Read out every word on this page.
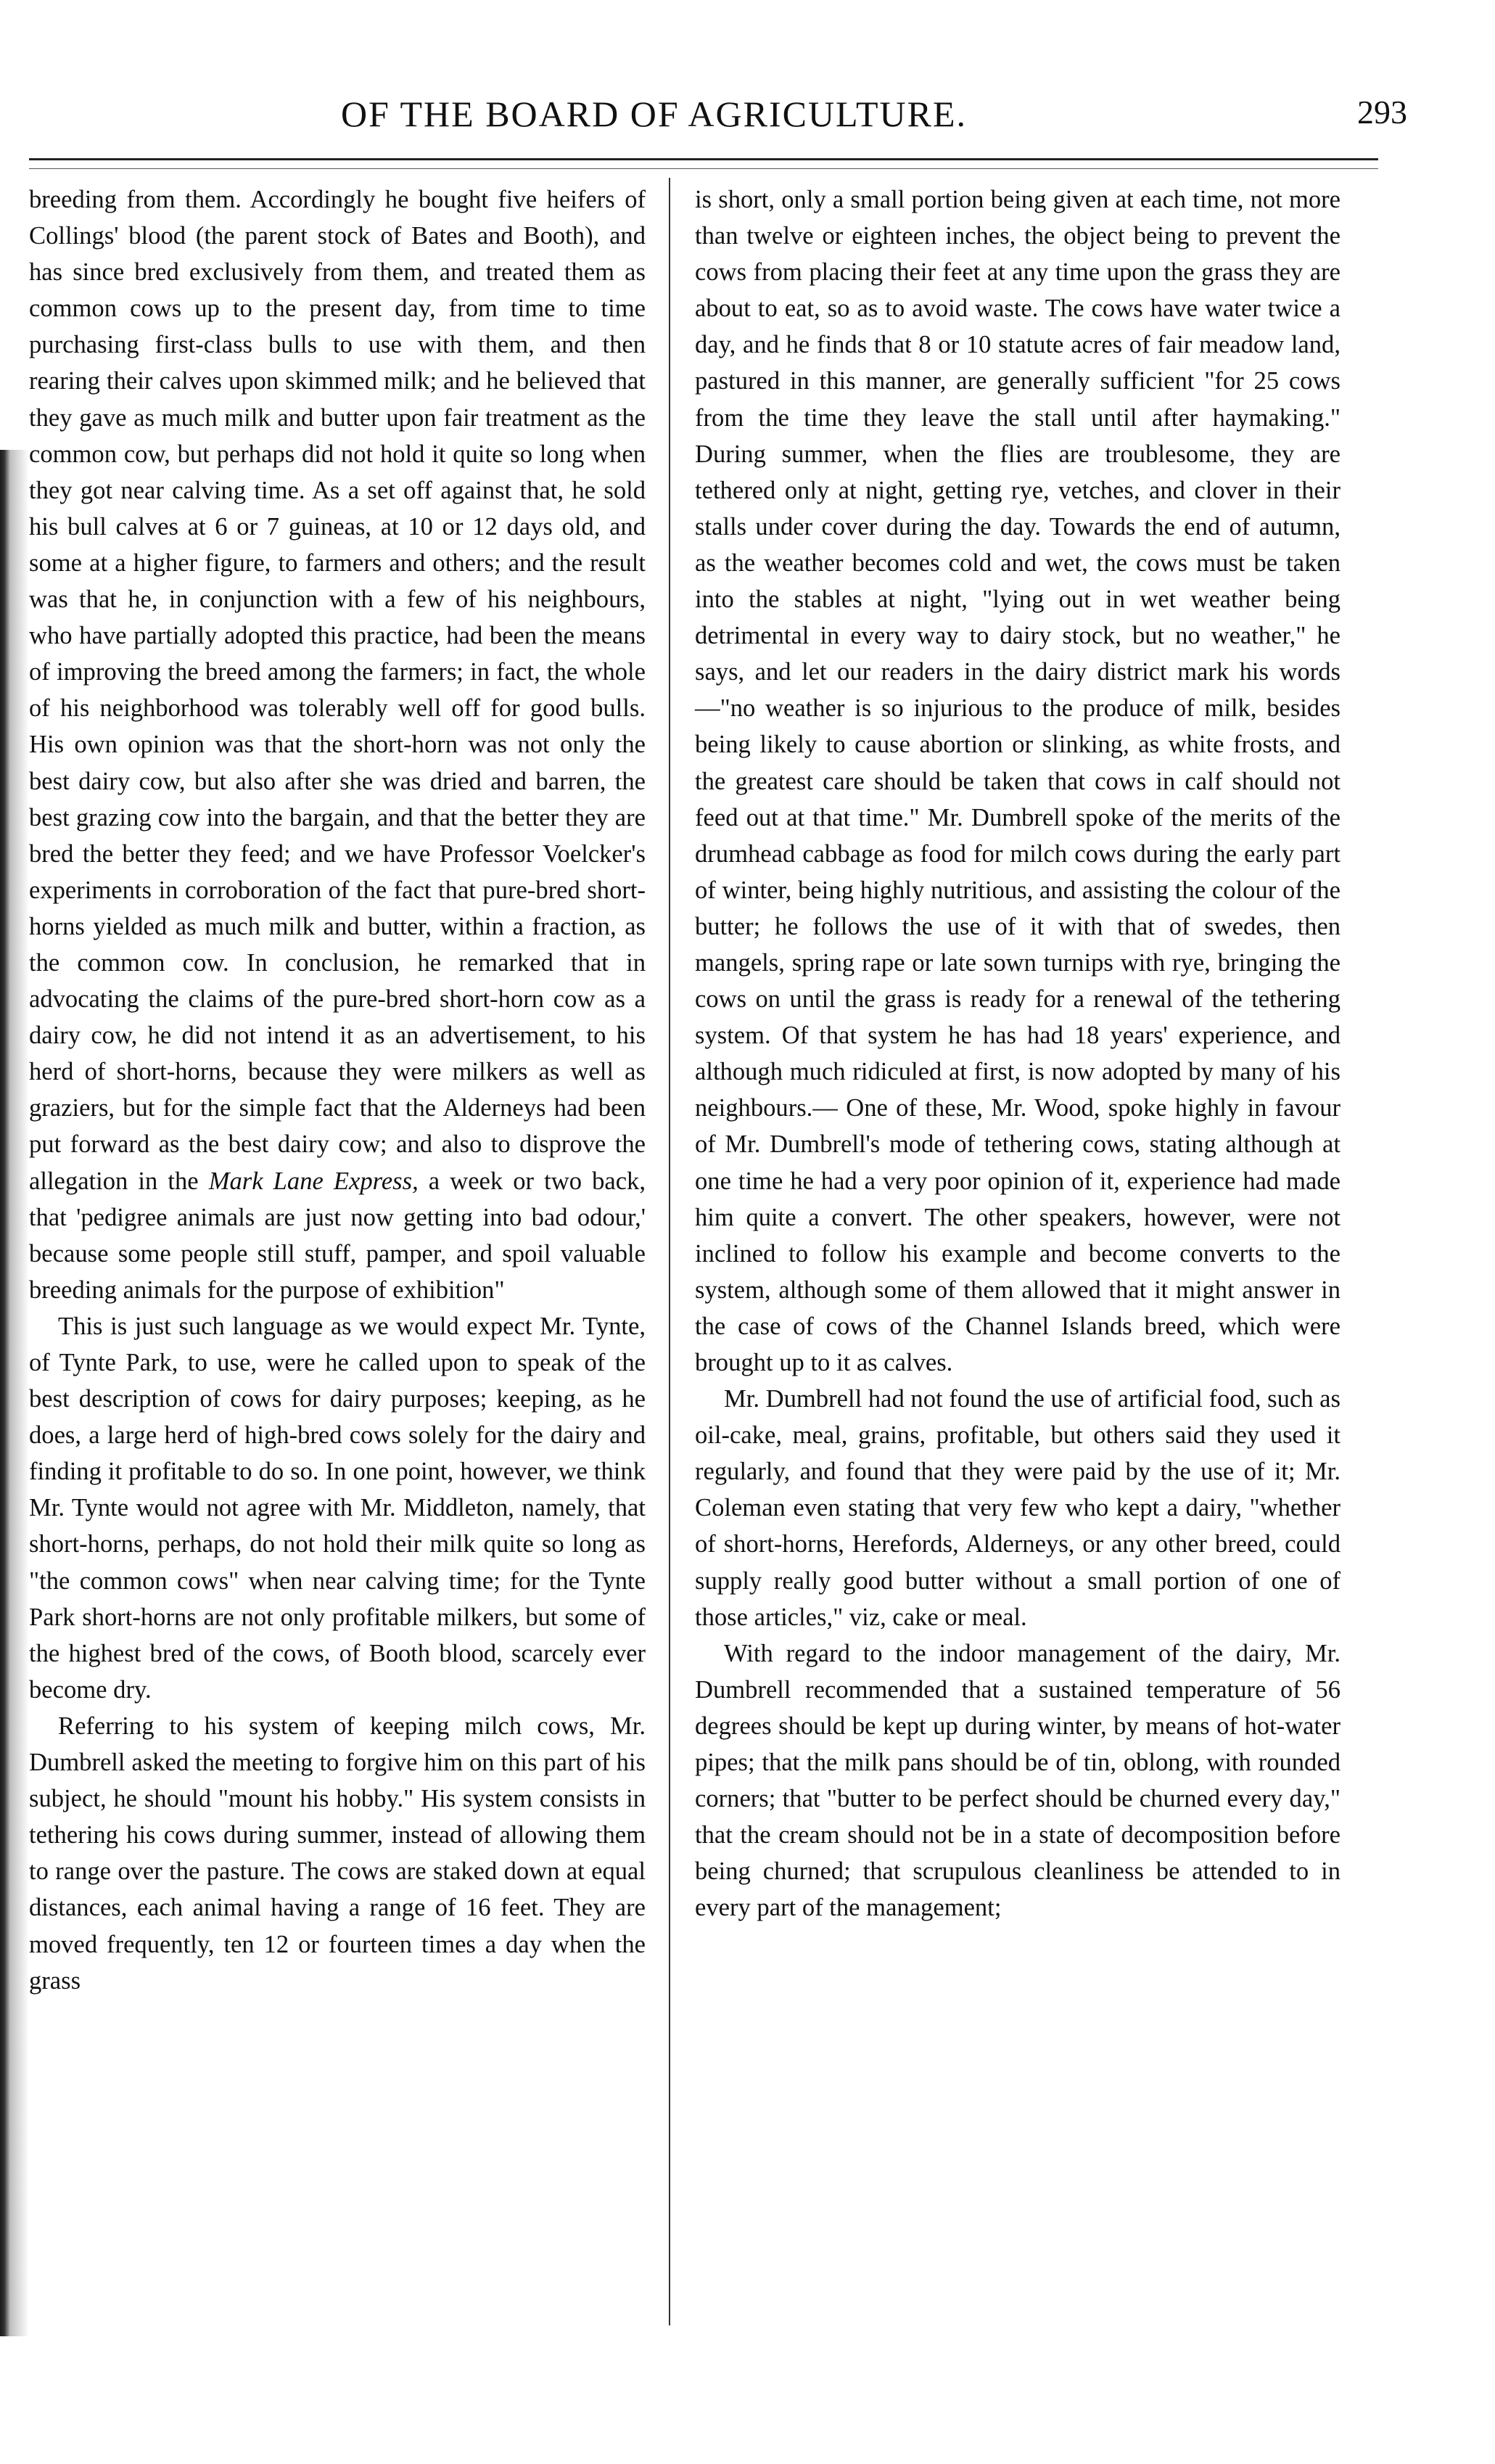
OF THE BOARD OF AGRICULTURE.	293

breeding from them. Accordingly he bought five heifers of Collings' blood (the parent stock of Bates and Booth), and has since bred exclusively from them, and treated them as common cows up to the present day, from time to time purchasing first-class bulls to use with them, and then rearing their calves upon skimmed milk; and he believed that they gave as much milk and butter upon fair treatment as the common cow, but perhaps did not hold it quite so long when they got near calving time. As a set off against that, he sold his bull calves at 6 or 7 guineas, at 10 or 12 days old, and some at a higher figure, to farmers and others; and the result was that he, in conjunction with a few of his neighbours, who have partially adopted this practice, had been the means of improving the breed among the farmers; in fact, the whole of his neighborhood was tolerably well off for good bulls. His own opinion was that the short-horn was not only the best dairy cow, but also after she was dried and barren, the best grazing cow into the bargain, and that the better they are bred the better they feed; and we have Professor Voelcker's experiments in corroboration of the fact that pure-bred short-horns yielded as much milk and butter, within a fraction, as the common cow. In conclusion, he remarked that in advocating the claims of the pure-bred short-horn cow as a dairy cow, he did not intend it as an advertisement, to his herd of short-horns, because they were milkers as well as graziers, but for the simple fact that the Alderneys had been put forward as the best dairy cow; and also to disprove the allegation in the Mark Lane Express, a week or two back, that 'pedigree animals are just now getting into bad odour,' because some people still stuff, pamper, and spoil valuable breeding animals for the purpose of exhibition"

This is just such language as we would expect Mr. Tynte, of Tynte Park, to use, were he called upon to speak of the best description of cows for dairy purposes; keeping, as he does, a large herd of high-bred cows solely for the dairy and finding it profitable to do so. In one point, however, we think Mr. Tynte would not agree with Mr. Middleton, namely, that short-horns, perhaps, do not hold their milk quite so long as "the common cows" when near calving time; for the Tynte Park short-horns are not only profitable milkers, but some of the highest bred of the cows, of Booth blood, scarcely ever become dry.

Referring to his system of keeping milch cows, Mr. Dumbrell asked the meeting to forgive him on this part of his subject, he should "mount his hobby." His system consists in tethering his cows during summer, instead of allowing them to range over the pasture. The cows are staked down at equal distances, each animal having a range of 16 feet. They are moved frequently, ten 12 or fourteen times a day when the grass

is short, only a small portion being given at each time, not more than twelve or eighteen inches, the object being to prevent the cows from placing their feet at any time upon the grass they are about to eat, so as to avoid waste. The cows have water twice a day, and he finds that 8 or 10 statute acres of fair meadow land, pastured in this manner, are generally sufficient "for 25 cows from the time they leave the stall until after haymaking." During summer, when the flies are troublesome, they are tethered only at night, getting rye, vetches, and clover in their stalls under cover during the day. Towards the end of autumn, as the weather becomes cold and wet, the cows must be taken into the stables at night, "lying out in wet weather being detrimental in every way to dairy stock, but no weather," he says, and let our readers in the dairy district mark his words—"no weather is so injurious to the produce of milk, besides being likely to cause abortion or slinking, as white frosts, and the greatest care should be taken that cows in calf should not feed out at that time." Mr. Dumbrell spoke of the merits of the drumhead cabbage as food for milch cows during the early part of winter, being highly nutritious, and assisting the colour of the butter; he follows the use of it with that of swedes, then mangels, spring rape or late sown turnips with rye, bringing the cows on until the grass is ready for a renewal of the tethering system. Of that system he has had 18 years' experience, and although much ridiculed at first, is now adopted by many of his neighbours.— One of these, Mr. Wood, spoke highly in favour of Mr. Dumbrell's mode of tethering cows, stating although at one time he had a very poor opinion of it, experience had made him quite a convert. The other speakers, however, were not inclined to follow his example and become converts to the system, although some of them allowed that it might answer in the case of cows of the Channel Islands breed, which were brought up to it as calves.

Mr. Dumbrell had not found the use of artificial food, such as oil-cake, meal, grains, profitable, but others said they used it regularly, and found that they were paid by the use of it; Mr. Coleman even stating that very few who kept a dairy, "whether of short-horns, Herefords, Alderneys, or any other breed, could supply really good butter without a small portion of one of those articles," viz, cake or meal.

With regard to the indoor management of the dairy, Mr. Dumbrell recommended that a sustained temperature of 56 degrees should be kept up during winter, by means of hot-water pipes; that the milk pans should be of tin, oblong, with rounded corners; that "butter to be perfect should be churned every day," that the cream should not be in a state of decomposition before being churned; that scrupulous cleanliness be attended to in every part of the management;
